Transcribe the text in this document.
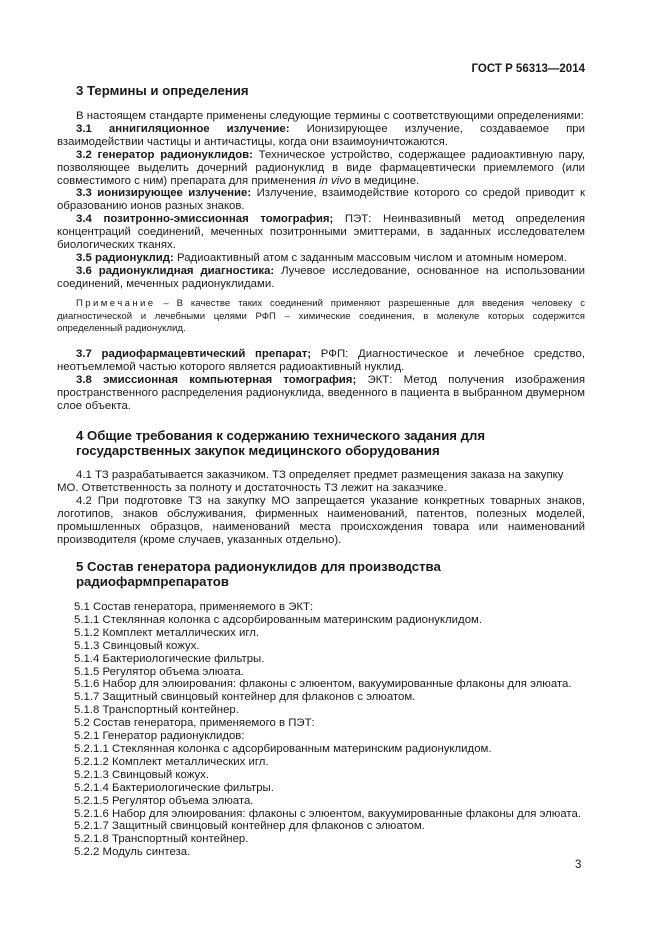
ГОСТ Р 56313—2014
3 Термины и определения

В настоящем стандарте применены следующие термины с соответствующими определениями:

3.1 аннигиляционное излучение: Ионизирующее излучение, создаваемое при взаимодействии частицы и античастицы, когда они взаимоуничтожаются.

3.2 генератор радионуклидов: Техническое устройство, содержащее радиоактивную пару, позволяющее выделить дочерний радионуклид в виде фармацевтически приемлемого (или совместимого с ним) препарата для применения in vivo в медицине.

3.3 ионизирующее излучение: Излучение, взаимодействие которого со средой приводит к образованию ионов разных знаков.

3.4 позитронно-эмиссионная томография; ПЭТ: Неинвазивный метод определения концентраций соединений, меченных позитронными эмиттерами, в заданных исследователем биологических тканях.

3.5 радионуклид: Радиоактивный атом с заданным массовым числом и атомным номером.

3.6 радионуклидная диагностика: Лучевое исследование, основанное на использовании соединений, меченных радионуклидами.

Примечание – В качестве таких соединений применяют разрешенные для введения человеку с диагностической и лечебными целями РФП – химические соединения, в молекуле которых содержится определенный радионуклид.

3.7 радиофармацевтический препарат; РФП: Диагностическое и лечебное средство, неотъемлемой частью которого является радиоактивный нуклид.

3.8 эмиссионная компьютерная томография; ЭКТ: Метод получения изображения пространственного распределения радионуклида, введенного в пациента в выбранном двумерном слое объекта.

4 Общие требования к содержанию технического задания для
государственных закупок медицинского оборудования

4.1 ТЗ разрабатывается заказчиком. ТЗ определяет предмет размещения заказа на закупку МО. Ответственность за полноту и достаточность ТЗ лежит на заказчике.

4.2 При подготовке ТЗ на закупку МО запрещается указание конкретных товарных знаков, логотипов, знаков обслуживания, фирменных наименований, патентов, полезных моделей, промышленных образцов, наименований места происхождения товара или наименований производителя (кроме случаев, указанных отдельно).

5 Состав генератора радионуклидов для производства
радиофармпрепаратов
5.1 Состав генератора, применяемого в ЭКТ:
5.1.1 Стеклянная колонка с адсорбированным материнским радионуклидом.
5.1.2 Комплект металлических игл.
5.1.3 Свинцовый кожух.
5.1.4 Бактериологические фильтры.
5.1.5 Регулятор объема элюата.
5.1.6 Набор для элюирования: флаконы с элюентом, вакуумированные флаконы для элюата.
5.1.7 Защитный свинцовый контейнер для флаконов с элюатом.
5.1.8 Транспортный контейнер.
5.2 Состав генератора, применяемого в ПЭТ:
5.2.1 Генератор радионуклидов:
5.2.1.1 Стеклянная колонка с адсорбированным материнским радионуклидом.
5.2.1.2 Комплект металлических игл.
5.2.1.3 Свинцовый кожух.
5.2.1.4 Бактериологические фильтры.
5.2.1.5 Регулятор объема элюата.
5.2.1.6 Набор для элюирования: флаконы с элюентом, вакуумированные флаконы для элюата.
5.2.1.7 Защитный свинцовый контейнер для флаконов с элюатом.
5.2.1.8 Транспортный контейнер.
5.2.2 Модуль синтеза.
3
